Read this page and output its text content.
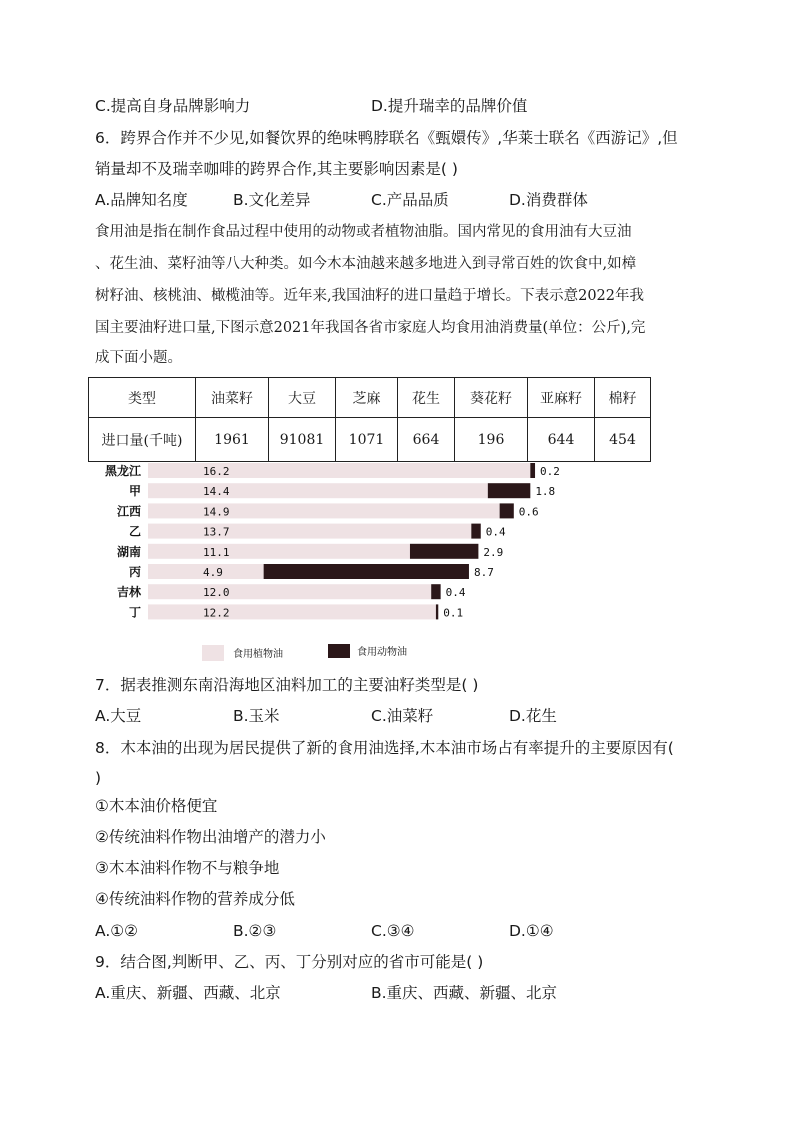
C.提高自身品牌影响力	D.提升瑞幸的品牌价值
6．跨界合作并不少见,如餐饮界的绝味鸭脖联名《甄嬛传》,华莱士联名《西游记》,但
销量却不及瑞幸咖啡的跨界合作,其主要影响因素是( )
A.品牌知名度	B.文化差异	C.产品品质	D.消费群体
食用油是指在制作食品过程中使用的动物或者植物油脂。国内常见的食用油有大豆油
、花生油、菜籽油等八大种类。如今木本油越来越多地进入到寻常百姓的饮食中,如樟
树籽油、核桃油、橄榄油等。近年来,我国油籽的进口量趋于增长。下表示意2022年我
国主要油籽进口量,下图示意2021年我国各省市家庭人均食用油消费量(单位：公斤),完
成下面小题。
类型	油菜籽	大豆	芝麻	花生	葵花籽	亚麻籽	棉籽
进口量(千吨)	1961	91081	1071	664	196	644	454
黑龙江	16.2	0.2
甲	14.4	1.8
江西	14.9	0.6
乙	13.7	0.4
湖南	11.1	2.9
丙	4.9	8.7
吉林	12.0	0.4
丁	12.2	0.1
食用植物油	食用动物油
7．据表推测东南沿海地区油料加工的主要油籽类型是( )
A.大豆	B.玉米	C.油菜籽	D.花生
8．木本油的出现为居民提供了新的食用油选择,木本油市场占有率提升的主要原因有(
)
①木本油价格便宜
②传统油料作物出油增产的潜力小
③木本油料作物不与粮争地
④传统油料作物的营养成分低
A.①②	B.②③	C.③④	D.①④
9．结合图,判断甲、乙、丙、丁分别对应的省市可能是( )
A.重庆、新疆、西藏、北京	B.重庆、西藏、新疆、北京
